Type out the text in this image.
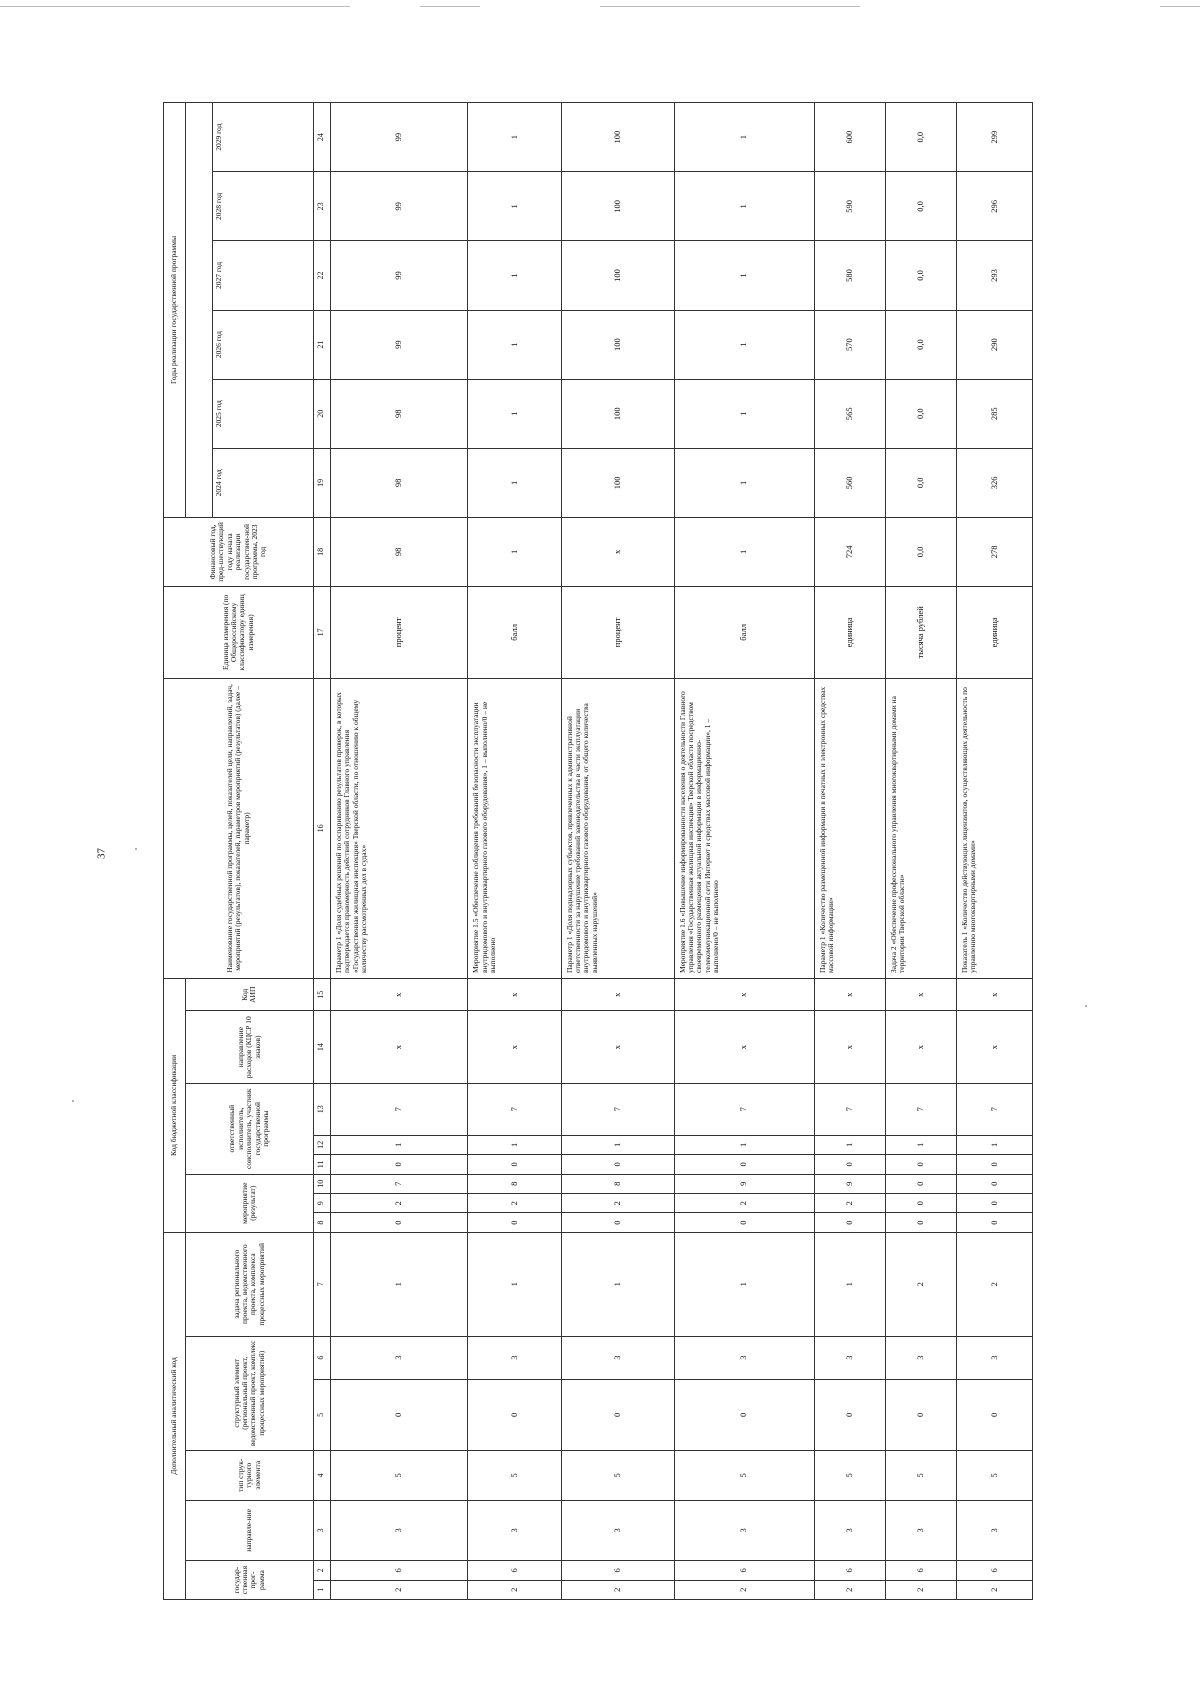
37
Дополнительный аналитический код							Код бюджетной классификации								Наименование государственной программы, целей, показателей цели, направлений, задач, мероприятий (результатов), показателей, параметров мероприятий (результатов) (далее – параметр)	Единица измерения (по Общероссийскому классификатору единиц измерения)	Финансовый год, пред-шествующий году начала реализации государствен-ной программы, 2023 год	Годы реализации государственной программы					
государ-ственная прог-рамма		направле-ние	тип струк-турного элемента	структурный элемент (региональный проект, ведомственный проект, комплекс процессных мероприятий)		задача регионального проекта, ведомственного проекта, комплекса процессных мероприятий	мероприятие (результат)			ответственный исполнитель, соисполнитель, участник государственной программы			направление расходов (КЦСР 10 знаков)	Код АИП									
																		2024 год	2025 год	2026 год	2027 год	2028 год	2029 год
1	2	3	4	5	6	7	8	9	10	11	12	13	14	15	16	17	18	19	20	21	22	23	24
2	6	3	5	0	3	1	0	2	7	0	1	7	х	х	Параметр 1 «Доля судебных решений по оспариванию результатов проверок, в которых подтверждается правомерность действий сотрудников Главного управления «Государственная жилищная инспекция» Тверской области, по отношению к общему количеству рассмотренных дел в судах»	процент	98	98	98	99	99	99	99
2	6	3	5	0	3	1	0	2	8	0	1	7	х	х	Мероприятие 1.5 «Обеспечение соблюдения требований безопасности эксплуатации внутридомового и внутриквартирного газового оборудования», 1 – выполнено/0 – не выполнено	балл	1	1	1	1	1	1	1
2	6	3	5	0	3	1	0	2	8	0	1	7	х	х	Параметр 1 «Доля поднадзорных субъектов, привлеченных к административной ответственности за нарушение требований законодательства в части эксплуатации внутридомового и внутриквартирного газового оборудования, от общего количества выявленных нарушений»	процент	х	100	100	100	100	100	100
2	6	3	5	0	3	1	0	2	9	0	1	7	х	х	Мероприятие 1.6 «Повышение информированности населения о деятельности Главного управления «Государственная жилищная инспекция» Тверской области посредством своевременного размещения актуальной информации в информационно-телекоммуникационной сети Интернет и средствах массовой информации», 1 – выполнено/0 – не выполнено	балл	1	1	1	1	1	1	1
2	6	3	5	0	3	1	0	2	9	0	1	7	х	х	Параметр 1 «Количество размещенной информации в печатных и электронных средствах массовой информации»	единица	724	560	565	570	580	590	600
2	6	3	5	0	3	2	0	0	0	0	1	7	х	х	Задача 2 «Обеспечение профессионального управления многоквартирными домами на территории Тверской области»	тысяча рублей	0,0	0,0	0,0	0,0	0,0	0,0	0,0
2	6	3	5	0	3	2	0	0	0	0	1	7	х	х	Показатель 1 «Количество действующих лицензиатов, осуществляющих деятельность по управлению многоквартирными домами»	единица	278	326	285	290	293	296	299
